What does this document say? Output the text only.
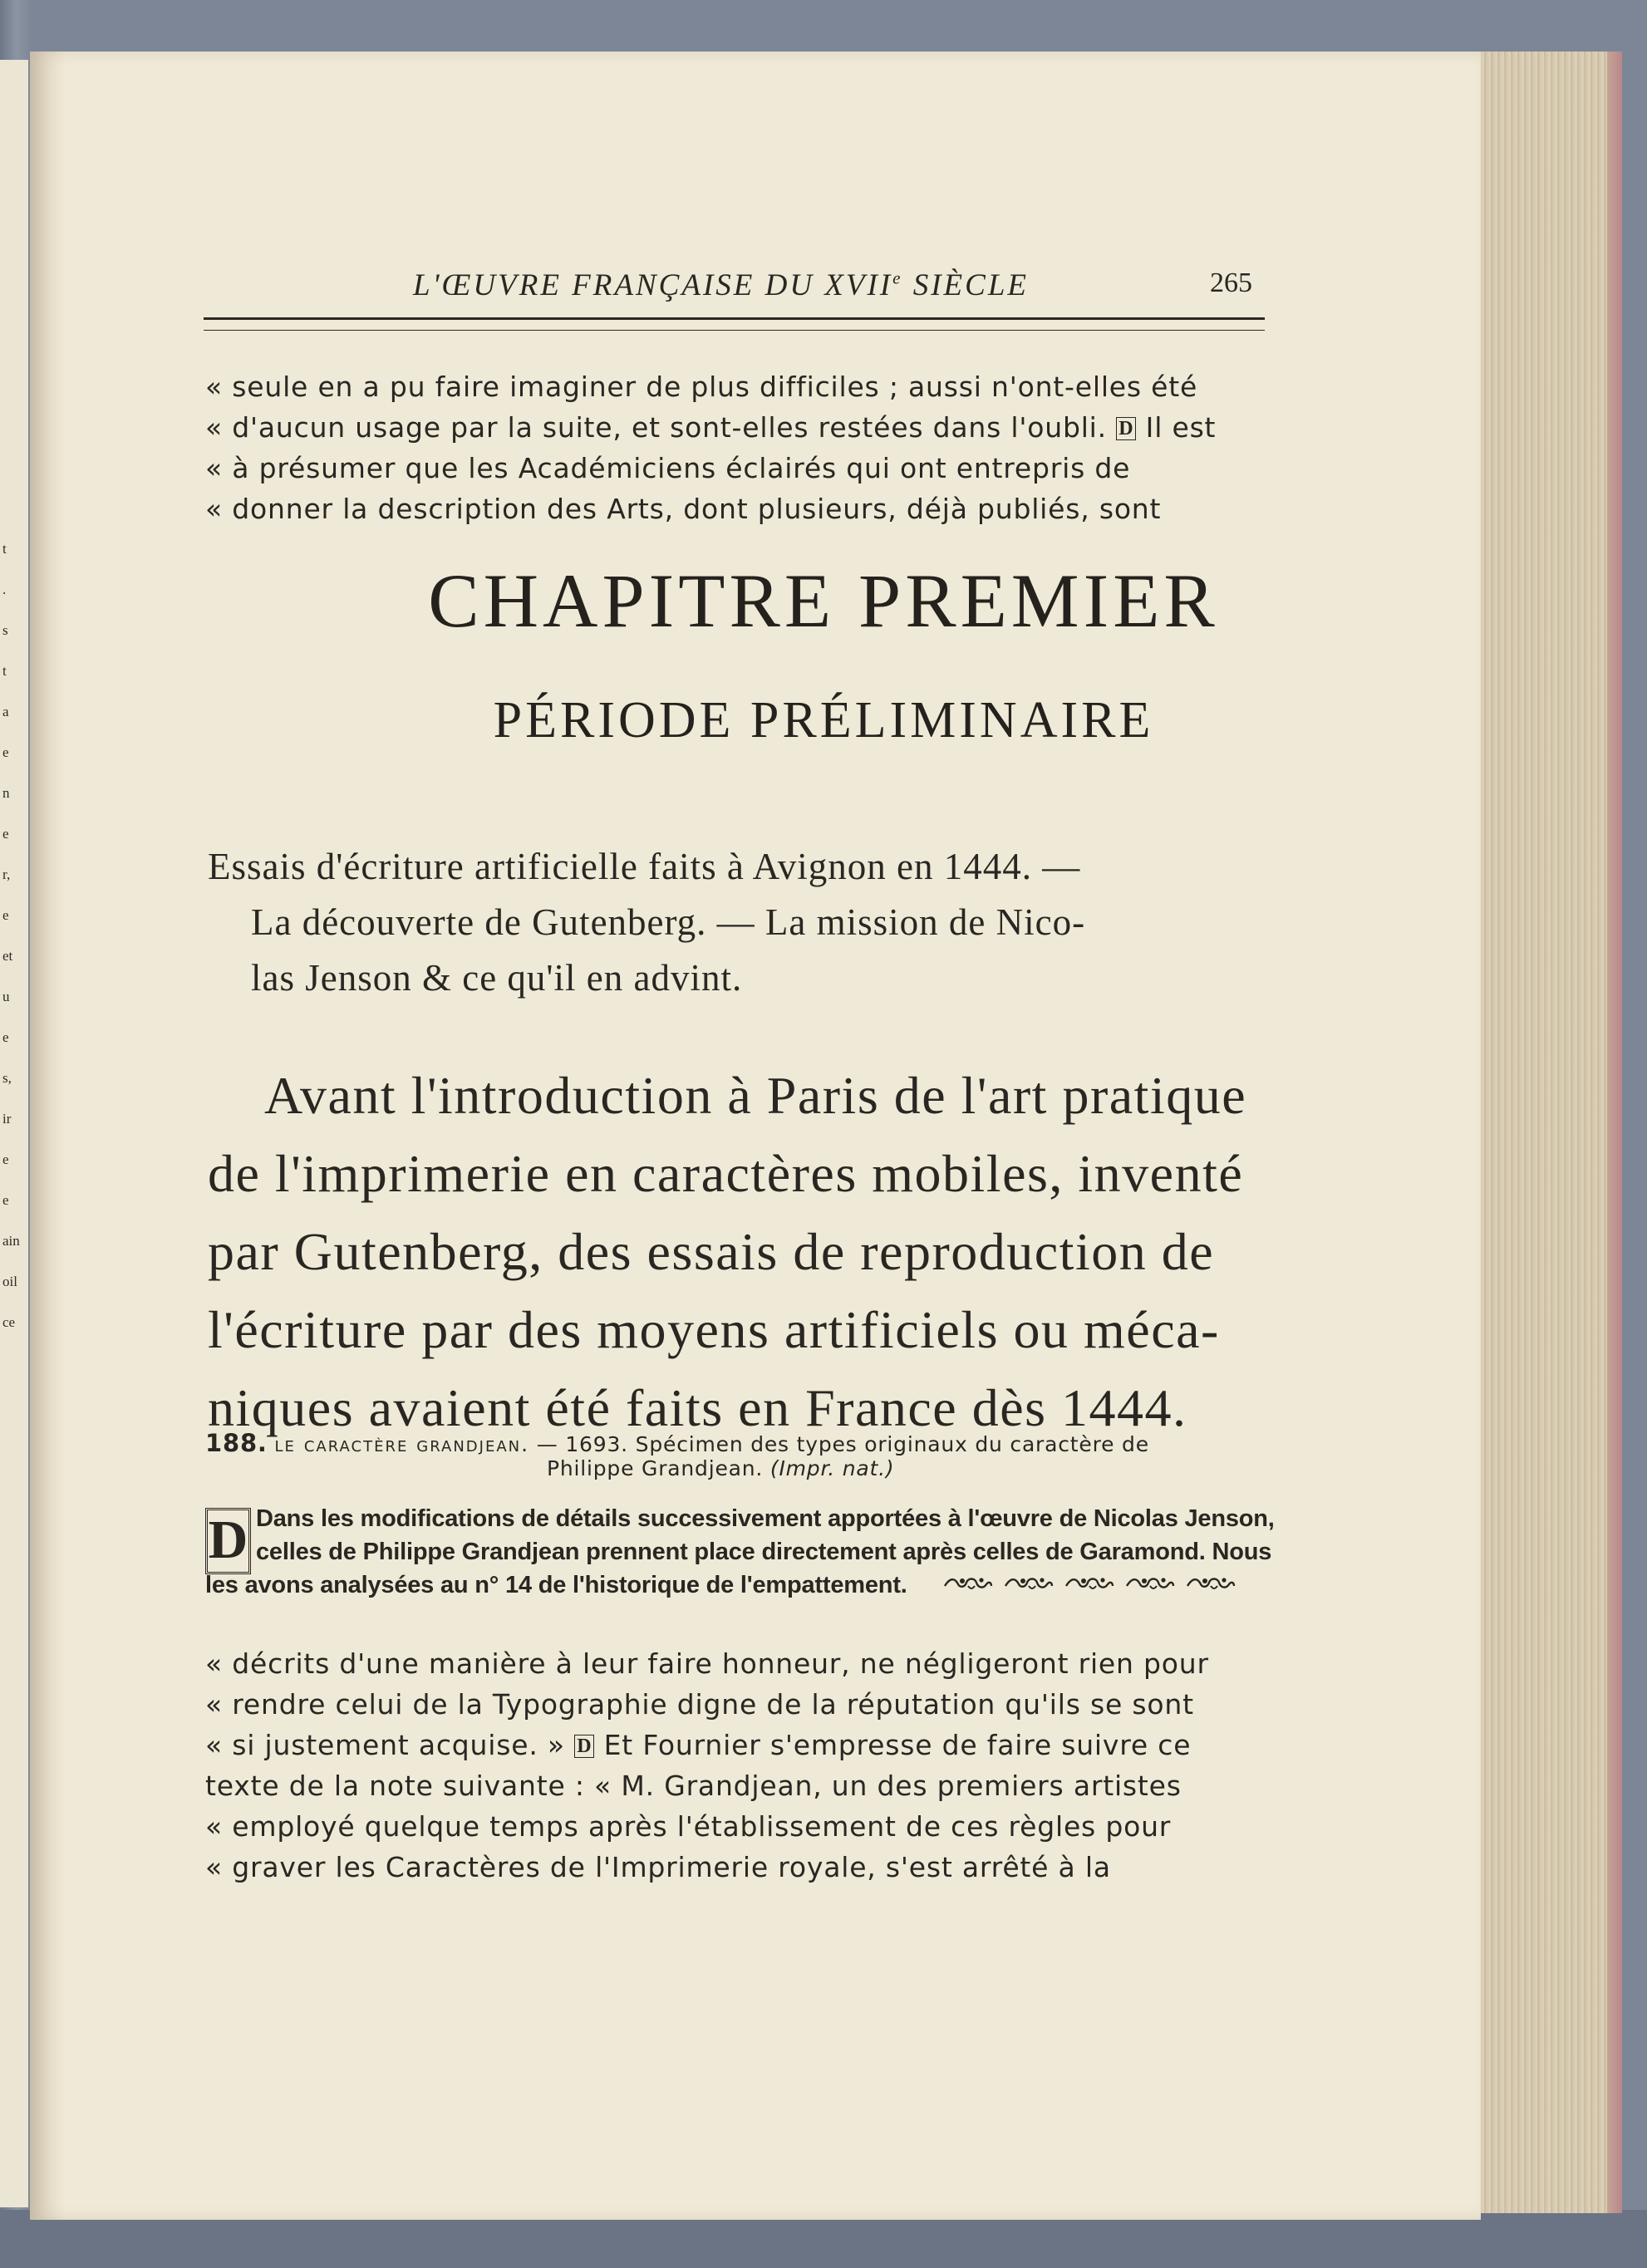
t
.
s
t
a
e
n
e
r,
e
et
u
e
s,
ir
e
e
ain
oil
ce
L'ŒUVRE FRANÇAISE DU XVIIe SIÈCLE	265
« seule en a pu faire imaginer de plus difficiles ; aussi n'ont-elles été
« d'aucun usage par la suite, et sont-elles restées dans l'oubli. D Il est
« à présumer que les Académiciens éclairés qui ont entrepris de
« donner la description des Arts, dont plusieurs, déjà publiés, sont
CHAPITRE PREMIER
PÉRIODE PRÉLIMINAIRE
Essais d'écriture artificielle faits à Avignon en 1444. —
La découverte de Gutenberg. — La mission de Nico-
las Jenson & ce qu'il en advint.
Avant l'introduction à Paris de l'art pratique
de l'imprimerie en caractères mobiles, inventé
par Gutenberg, des essais de reproduction de
l'écriture par des moyens artificiels ou méca-
niques avaient été faits en France dès 1444.
188. le caractère grandjean. — 1693. Spécimen des types originaux du caractère de
Philippe Grandjean. (Impr. nat.)
D Dans les modifications de détails successivement apportées à l'œuvre de Nicolas Jenson,
celles de Philippe Grandjean prennent place directement après celles de Garamond. Nous
les avons analysées au n° 14 de l'historique de l'empattement.
« décrits d'une manière à leur faire honneur, ne négligeront rien pour
« rendre celui de la Typographie digne de la réputation qu'ils se sont
« si justement acquise. » D Et Fournier s'empresse de faire suivre ce
texte de la note suivante : « M. Grandjean, un des premiers artistes
« employé quelque temps après l'établissement de ces règles pour
« graver les Caractères de l'Imprimerie royale, s'est arrêté à la
